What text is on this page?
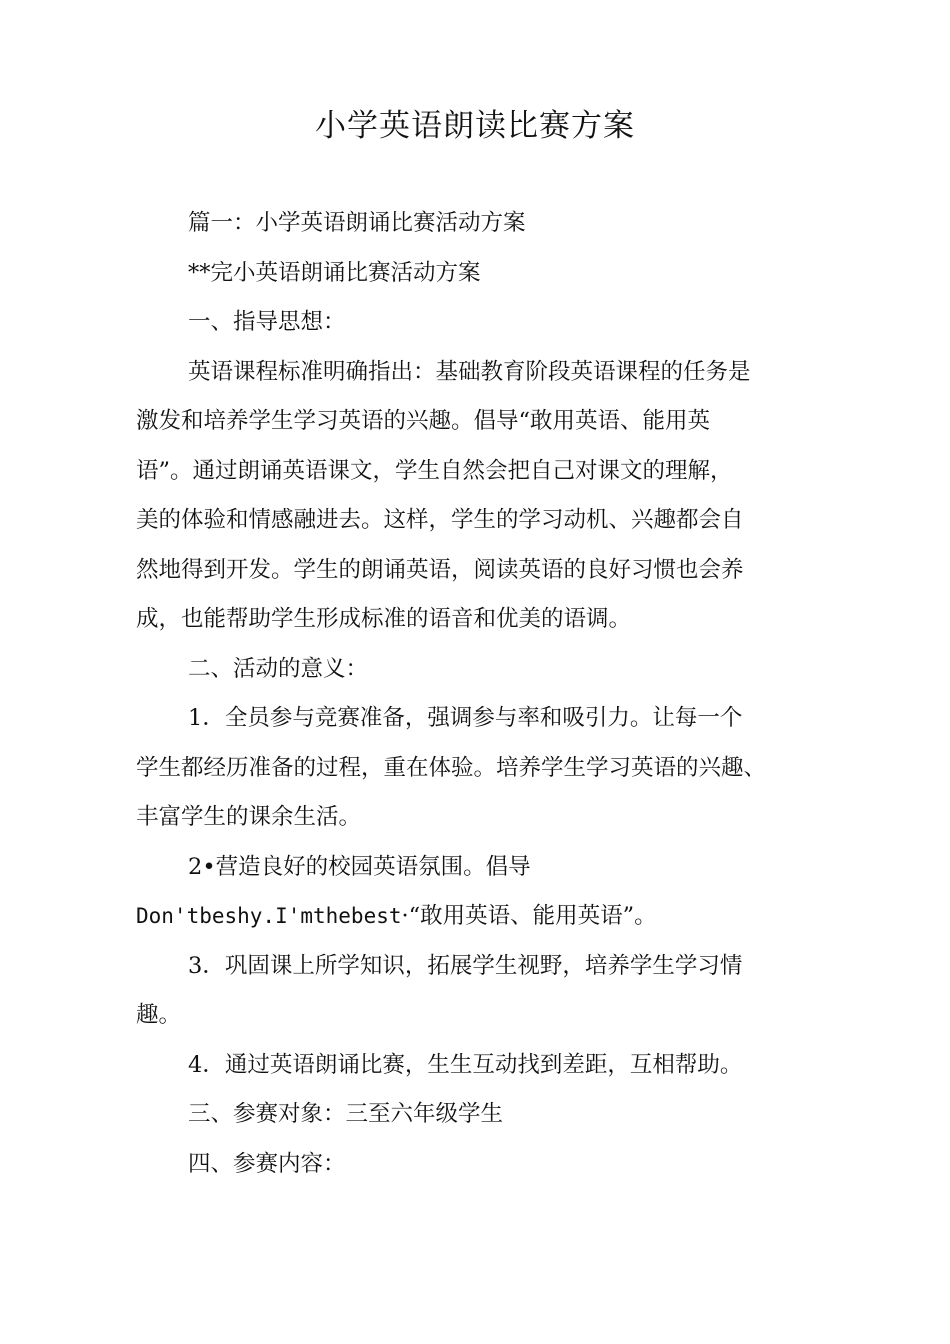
小学英语朗读比赛方案
篇一：小学英语朗诵比赛活动方案
**完小英语朗诵比赛活动方案
一、指导思想：

英语课程标准明确指出：基础教育阶段英语课程的任务是
激发和培养学生学习英语的兴趣。倡导“敢用英语、能用英
语”。通过朗诵英语课文，学生自然会把自己对课文的理解，
美的体验和情感融进去。这样，学生的学习动机、兴趣都会自
然地得到开发。学生的朗诵英语，阅读英语的良好习惯也会养
成，也能帮助学生形成标准的语音和优美的语调。

二、活动的意义：

1．全员参与竞赛准备，强调参与率和吸引力。让每一个
学生都经历准备的过程，重在体验。培养学生学习英语的兴趣、
丰富学生的课余生活。

2•营造良好的校园英语氛围。倡导
Don'tbeshy.I'mthebest·“敢用英语、能用英语”。

3．巩固课上所学知识，拓展学生视野，培养学生学习情
趣。

4．通过英语朗诵比赛，生生互动找到差距，互相帮助。
三、参赛对象：三至六年级学生
四、参赛内容：
